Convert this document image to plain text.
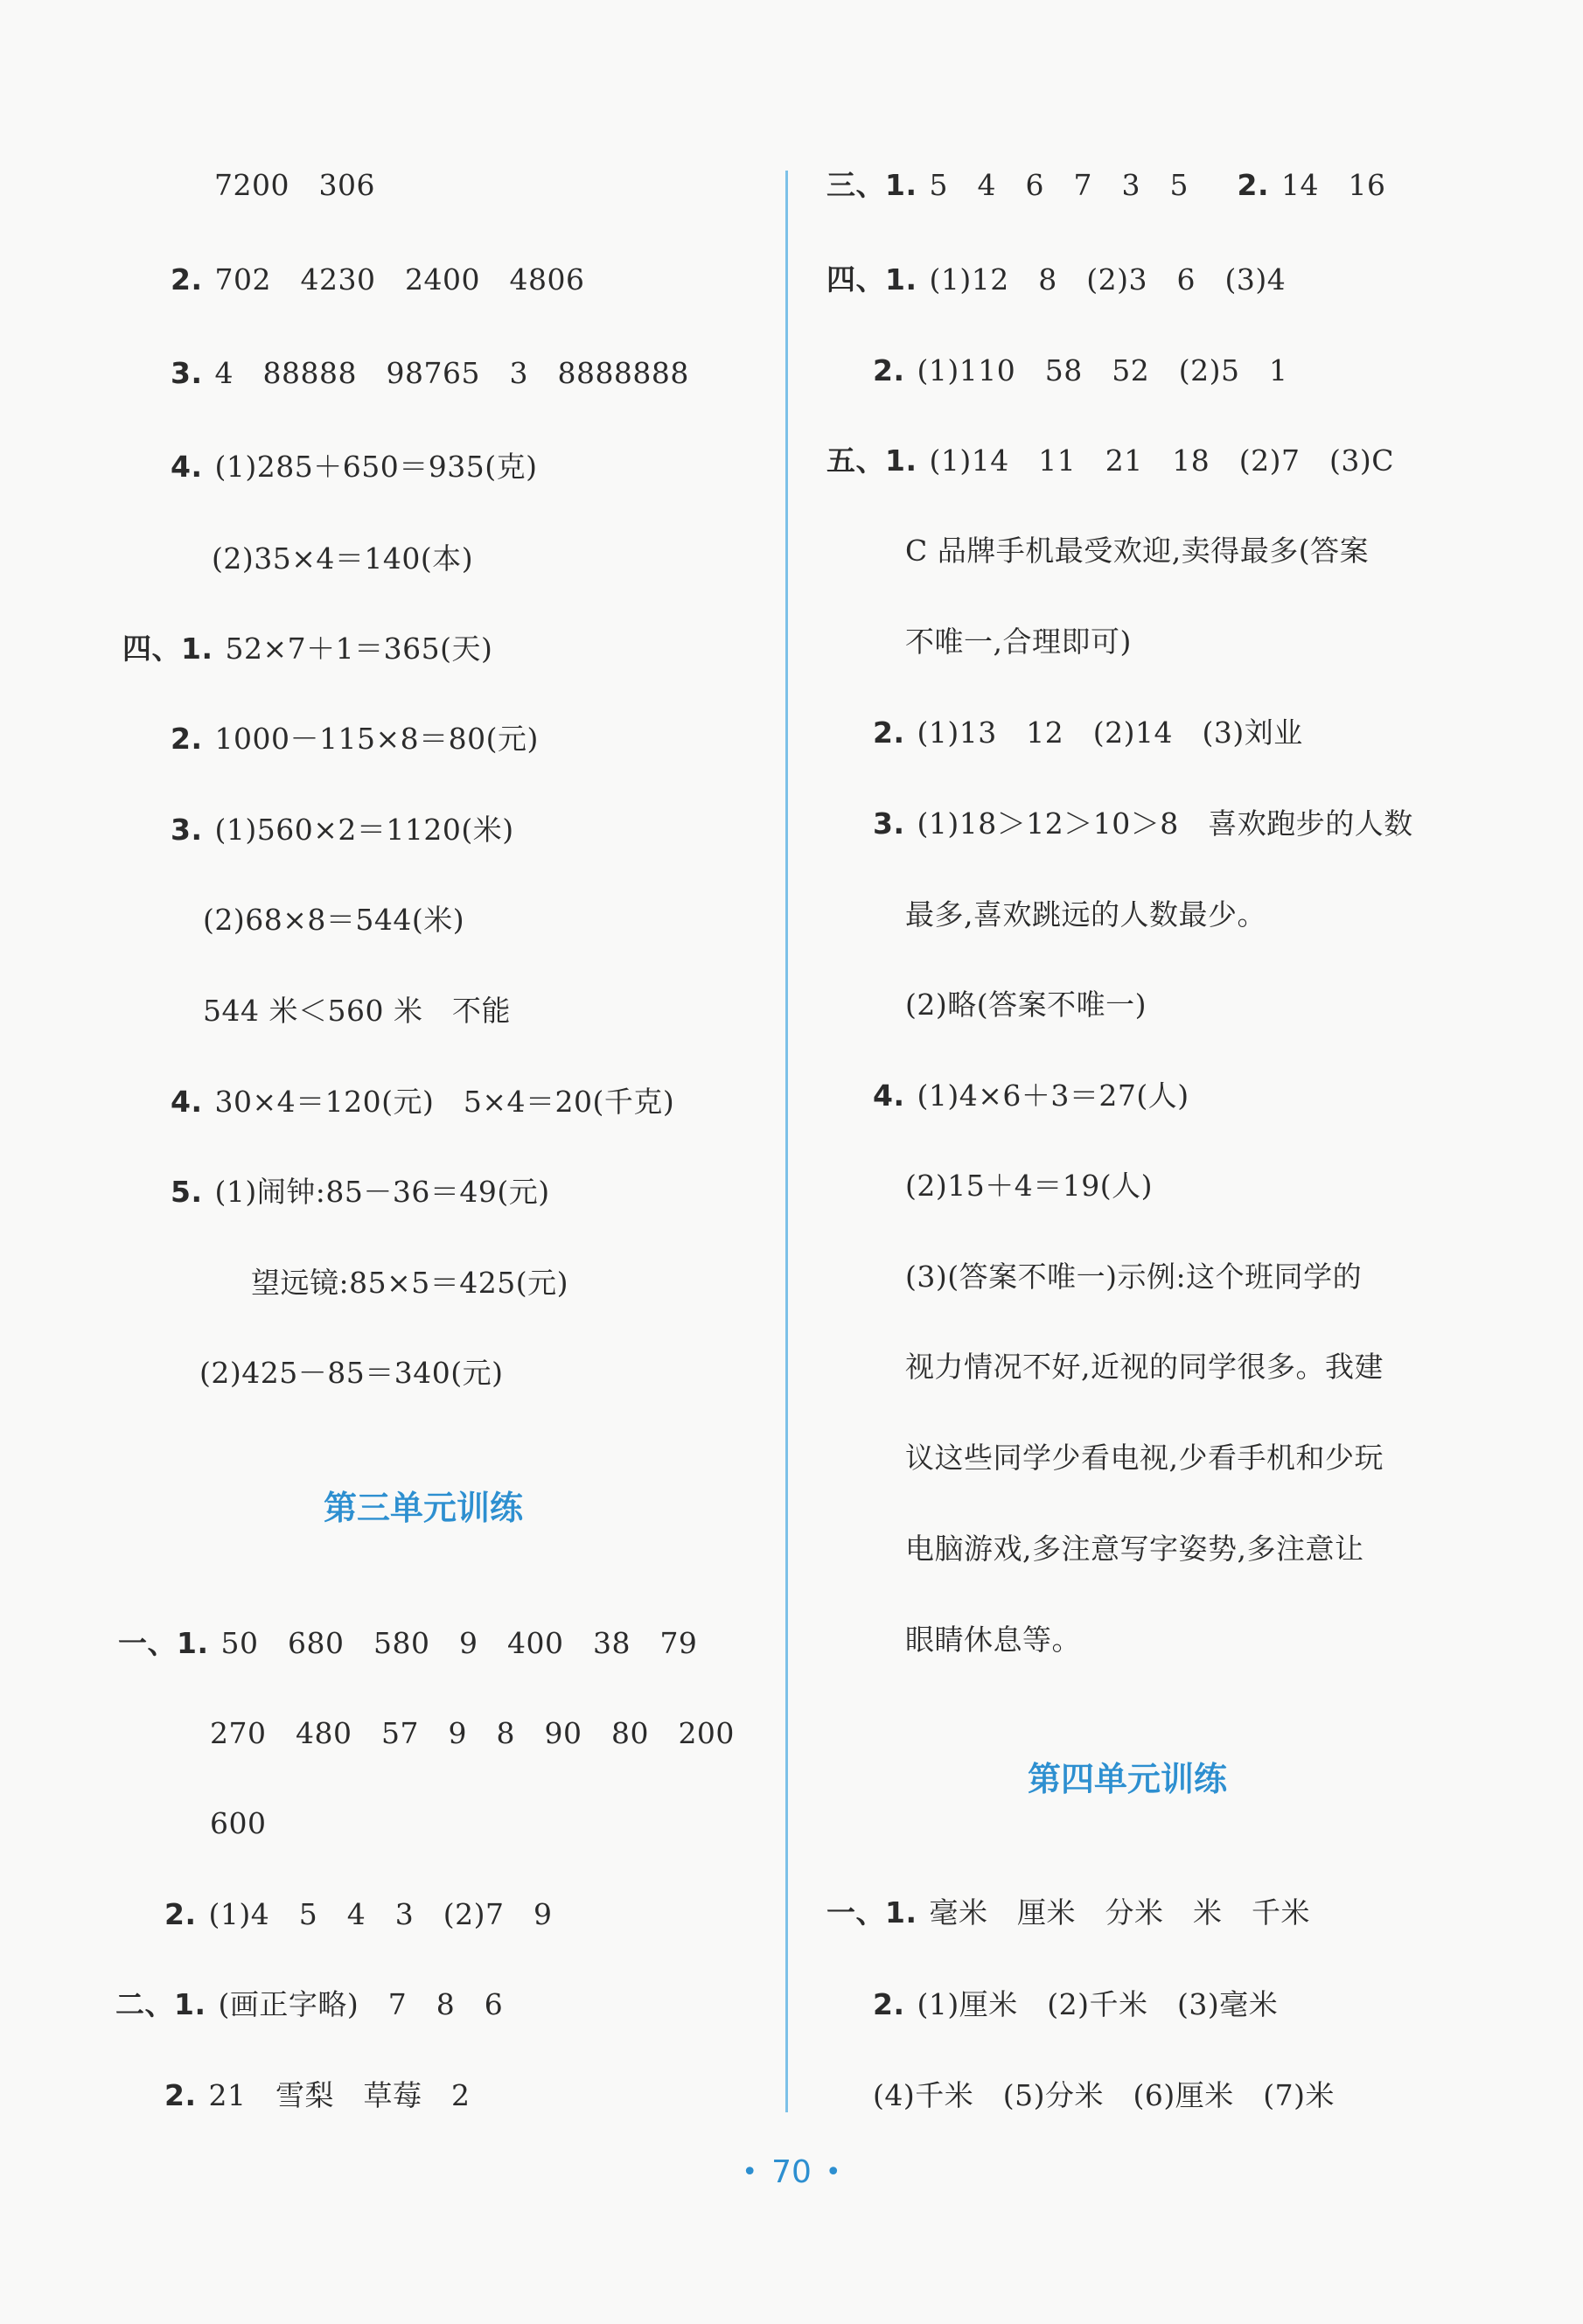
7200　306
2. 702　4230　2400　4806
3. 4　88888　98765　3　8888888
4. (1)285＋650＝935(克)
(2)35×4＝140(本)
四、1. 52×7＋1＝365(天)
2. 1000－115×8＝80(元)
3. (1)560×2＝1120(米)
(2)68×8＝544(米)
544 米＜560 米　不能
4. 30×4＝120(元)　5×4＝20(千克)
5. (1)闹钟:85－36＝49(元)
望远镜:85×5＝425(元)
(2)425－85＝340(元)
第三单元训练
一、1. 50　680　580　9　400　38　79
270　480　57　9　8　90　80　200
600
2. (1)4　5　4　3　(2)7　9
二、1. (画正字略)　7　8　6
2. 21　雪梨　草莓　2
三、1. 5　4　6　7　3　5　2. 14　16
四、1. (1)12　8　(2)3　6　(3)4
2. (1)110　58　52　(2)5　1
五、1. (1)14　11　21　18　(2)7　(3)C
C 品牌手机最受欢迎,卖得最多(答案
不唯一,合理即可)
2. (1)13　12　(2)14　(3)刘业
3. (1)18＞12＞10＞8　喜欢跑步的人数
最多,喜欢跳远的人数最少。
(2)略(答案不唯一)
4. (1)4×6＋3＝27(人)
(2)15＋4＝19(人)
(3)(答案不唯一)示例:这个班同学的
视力情况不好,近视的同学很多。我建
议这些同学少看电视,少看手机和少玩
电脑游戏,多注意写字姿势,多注意让
眼睛休息等。
第四单元训练
一、1. 毫米　厘米　分米　米　千米
2. (1)厘米　(2)千米　(3)毫米
(4)千米　(5)分米　(6)厘米　(7)米
• 70 •
